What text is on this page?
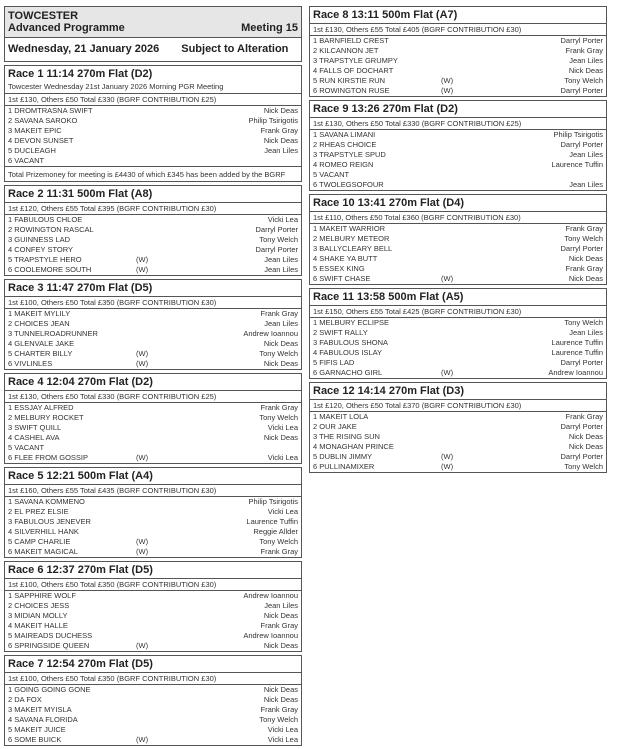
TOWCESTER
Advanced Programme	Meeting 15
Wednesday, 21 January 2026 Subject to Alteration
Race 1 11:14 270m Flat (D2)
Towcester Wednesday 21st January 2026 Morning PGR Meeting
1st £130, Others £50 Total £330 (BGRF CONTRIBUTION £25)
1 DROMTRASNA SWIFT	Nick Deas
2 SAVANA SAROKO	Philip Tsirigotis
3 MAKEIT EPIC	Frank Gray
4 DEVON SUNSET	Nick Deas
5 DUCLEAGH	Jean Liles
6 VACANT
Total Prizemoney for meeting is £4430 of which £345 has been added by the BGRF
Race 2 11:31 500m Flat (A8)
1st £120, Others £55 Total £395 (BGRF CONTRIBUTION £30)
1 FABULOUS CHLOE	Vicki Lea
2 ROWINGTON RASCAL	Darryl Porter
3 GUINNESS LAD	Tony Welch
4 CONFEY STORY	Darryl Porter
5 TRAPSTYLE HERO	(W)	Jean Liles
6 COOLEMORE SOUTH	(W)	Jean Liles
Race 3 11:47 270m Flat (D5)
1st £100, Others £50 Total £350 (BGRF CONTRIBUTION £30)
1 MAKEIT MYLILY	Frank Gray
2 CHOICES JEAN	Jean Liles
3 TUNNELROADRUNNER	Andrew Ioannou
4 GLENVALE JAKE	Nick Deas
5 CHARTER BILLY	(W)	Tony Welch
6 VIVLINLES	(W)	Nick Deas
Race 4 12:04 270m Flat (D2)
1st £130, Others £50 Total £330 (BGRF CONTRIBUTION £25)
1 ESSJAY ALFRED	Frank Gray
2 MELBURY ROCKET	Tony Welch
3 SWIFT QUILL	Vicki Lea
4 CASHEL AVA	Nick Deas
5 VACANT
6 FLEE FROM GOSSIP	(W)	Vicki Lea
Race 5 12:21 500m Flat (A4)
1st £160, Others £55 Total £435 (BGRF CONTRIBUTION £30)
1 SAVANA KOMMENO	Philip Tsirigotis
2 EL PREZ ELSIE	Vicki Lea
3 FABULOUS JENEVER	Laurence Tuffin
4 SILVERHILL HANK	Reggie Allder
5 CAMP CHARLIE	(W)	Tony Welch
6 MAKEIT MAGICAL	(W)	Frank Gray
Race 6 12:37 270m Flat (D5)
1st £100, Others £50 Total £350 (BGRF CONTRIBUTION £30)
1 SAPPHIRE WOLF	Andrew Ioannou
2 CHOICES JESS	Jean Liles
3 MIDIAN MOLLY	Nick Deas
4 MAKEIT HALLE	Frank Gray
5 MAIREADS DUCHESS	Andrew Ioannou
6 SPRINGSIDE QUEEN	(W)	Nick Deas
Race 7 12:54 270m Flat (D5)
1st £100, Others £50 Total £350 (BGRF CONTRIBUTION £30)
1 GOING GOING GONE	Nick Deas
2 DA FOX	Nick Deas
3 MAKEIT MYISLA	Frank Gray
4 SAVANA FLORIDA	Tony Welch
5 MAKEIT JUICE	Vicki Lea
6 SOME BUICK	(W)	Vicki Lea
Race 8 13:11 500m Flat (A7)
1st £130, Others £55 Total £405 (BGRF CONTRIBUTION £30)
1 BARNFIELD CREST	Darryl Porter
2 KILCANNON JET	Frank Gray
3 TRAPSTYLE GRUMPY	Jean Liles
4 FALLS OF DOCHART	Nick Deas
5 RUN KIRSTIE RUN	(W)	Tony Welch
6 ROWINGTON RUSE	(W)	Darryl Porter
Race 9 13:26 270m Flat (D2)
1st £130, Others £50 Total £330 (BGRF CONTRIBUTION £25)
1 SAVANA LIMANI	Philip Tsirigotis
2 RHEAS CHOICE	Darryl Porter
3 TRAPSTYLE SPUD	Jean Liles
4 ROMEO REIGN	Laurence Tuffin
5 VACANT
6 TWOLEGSOFOUR	Jean Liles
Race 10 13:41 270m Flat (D4)
1st £110, Others £50 Total £360 (BGRF CONTRIBUTION £30)
1 MAKEIT WARRIOR	Frank Gray
2 MELBURY METEOR	Tony Welch
3 BALLYCLEARY BELL	Darryl Porter
4 SHAKE YA BUTT	Nick Deas
5 ESSEX KING	Frank Gray
6 SWIFT CHASE	(W)	Nick Deas
Race 11 13:58 500m Flat (A5)
1st £150, Others £55 Total £425 (BGRF CONTRIBUTION £30)
1 MELBURY ECLIPSE	Tony Welch
2 SWIFT RALLY	Jean Liles
3 FABULOUS SHONA	Laurence Tuffin
4 FABULOUS ISLAY	Laurence Tuffin
5 FIFIS LAD	Darryl Porter
6 GARNACHO GIRL	(W)	Andrew Ioannou
Race 12 14:14 270m Flat (D3)
1st £120, Others £50 Total £370 (BGRF CONTRIBUTION £30)
1 MAKEIT LOLA	Frank Gray
2 OUR JAKE	Darryl Porter
3 THE RISING SUN	Nick Deas
4 MONAGHAN PRINCE	Nick Deas
5 DUBLIN JIMMY	(W)	Darryl Porter
6 PULLINAMIXER	(W)	Tony Welch
